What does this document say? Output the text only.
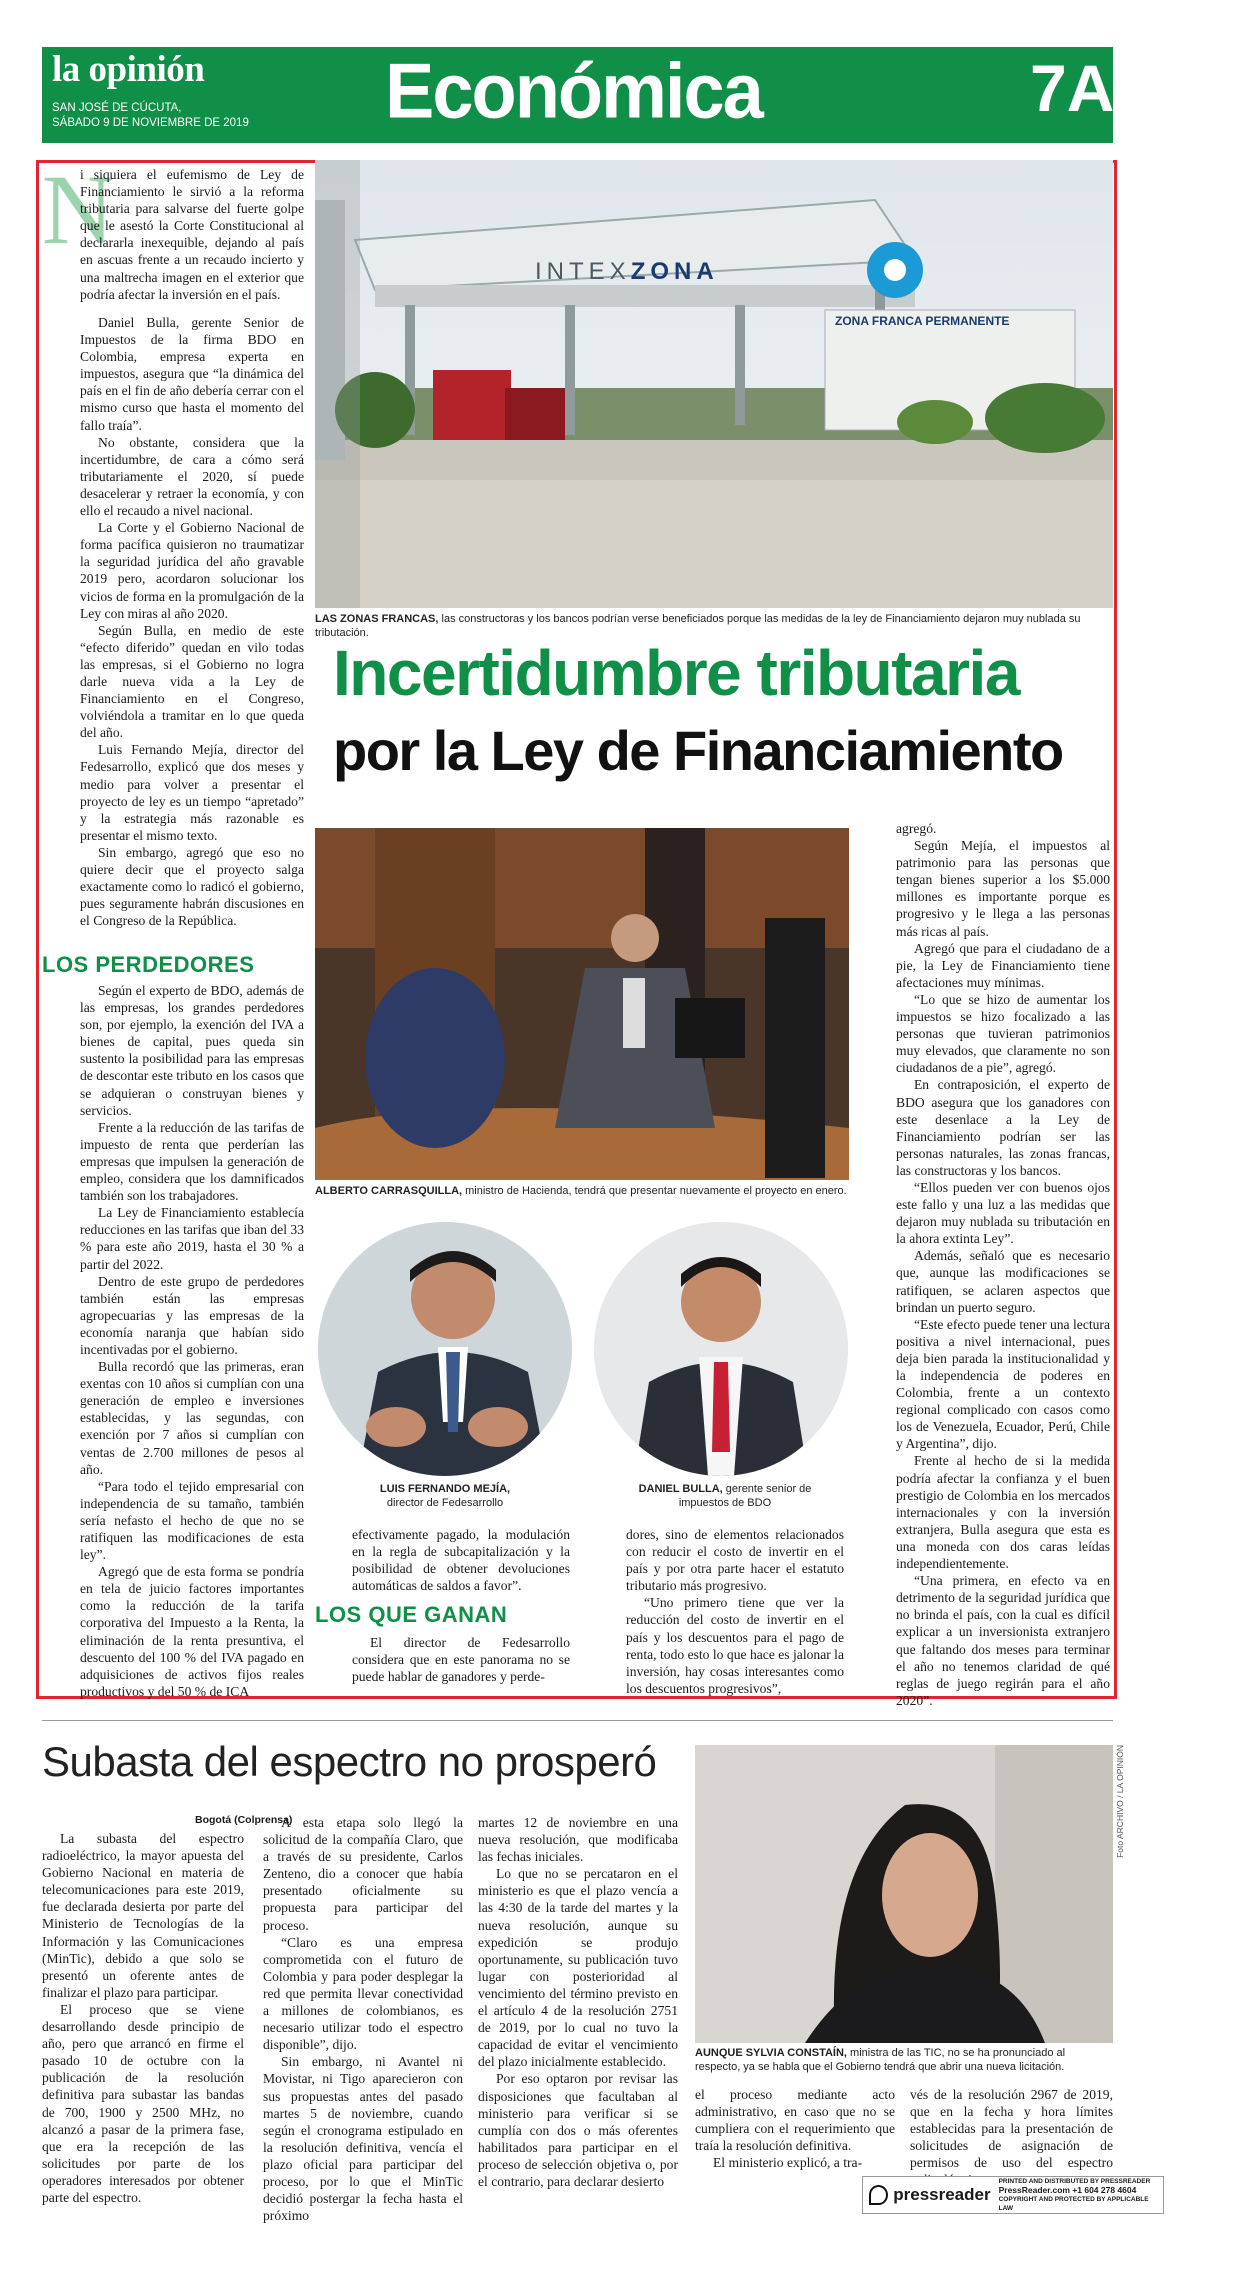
la opinión
SAN JOSÉ DE CÚCUTA,
SÁBADO 9 DE NOVIEMBRE DE 2019 Económica	7A
N

i siquiera el eufemismo de Ley de Financiamiento le sirvió a la reforma tributaria para salvarse del fuerte golpe que le asestó la Corte Constitucional al declararla inexequible, dejando al país en ascuas frente a un recaudo incierto y una maltrecha imagen en el exterior que podría afectar la inversión en el país.

Daniel Bulla, gerente Senior de Impuestos de la firma BDO en Colombia, empresa experta en impuestos, asegura que “la dinámica del país en el fin de año debería cerrar con el mismo curso que hasta el momento del fallo traía”.

No obstante, considera que la incertidumbre, de cara a cómo será tributariamente el 2020, sí puede desacelerar y retraer la economía, y con ello el recaudo a nivel nacional.

La Corte y el Gobierno Nacional de forma pacífica quisieron no traumatizar la seguridad jurídica del año gravable 2019 pero, acordaron solucionar los vicios de forma en la promulgación de la Ley con miras al año 2020.

Según Bulla, en medio de este “efecto diferido” quedan en vilo todas las empresas, si el Gobierno no logra darle nueva vida a la Ley de Financiamiento en el Congreso, volviéndola a tramitar en lo que queda del año.

Luis Fernando Mejía, director del Fedesarrollo, explicó que dos meses y medio para volver a presentar el proyecto de ley es un tiempo “apretado” y la estrategia más razonable es presentar el mismo texto.

Sin embargo, agregó que eso no quiere decir que el proyecto salga exactamente como lo radicó el gobierno, pues seguramente habrán discusiones en el Congreso de la República.

LOS PERDEDORES

Según el experto de BDO, además de las empresas, los grandes perdedores son, por ejemplo, la exención del IVA a bienes de capital, pues queda sin sustento la posibilidad para las empresas de descontar este tributo en los casos que se adquieran o construyan bienes y servicios.

Frente a la reducción de las tarifas de impuesto de renta que perderían las empresas que impulsen la generación de empleo, considera que los damnificados también son los trabajadores.

La Ley de Financiamiento establecía reducciones en las tarifas que iban del 33 % para este año 2019, hasta el 30 % a partir del 2022.

Dentro de este grupo de perdedores también están las empresas agropecuarias y las empresas de la economía naranja que habían sido incentivadas por el gobierno.

Bulla recordó que las primeras, eran exentas con 10 años si cumplían con una generación de empleo e inversiones establecidas, y las segundas, con exención por 7 años si cumplían con ventas de 2.700 millones de pesos al año.

“Para todo el tejido empresarial con independencia de su tamaño, también sería nefasto el hecho de que no se ratifiquen las modificaciones de esta ley”.

Agregó que de esta forma se pondría en tela de juicio factores importantes como la reducción de la tarifa corporativa del Impuesto a la Renta, la eliminación de la renta presuntiva, el descuento del 100 % del IVA pagado en adquisiciones de activos fijos reales productivos y del 50 % de ICA

INTEXZONA
ZONA FRANCA PERMANENTE
LAS ZONAS FRANCAS, las constructoras y los bancos podrían verse beneficiados porque las medidas de la ley de Financiamiento dejaron muy nublada su tributación.
Incertidumbre tributaria
por la Ley de Financiamiento
ALBERTO CARRASQUILLA, ministro de Hacienda, tendrá que presentar nuevamente el proyecto en enero.
LUIS FERNANDO MEJÍA,
director de Fedesarrollo
DANIEL BULLA, gerente senior de impuestos de BDO

efectivamente pagado, la modulación en la regla de subcapitalización y la posibilidad de obtener devoluciones automáticas de saldos a favor”.

LOS QUE GANAN

El director de Fedesarrollo considera que en este panorama no se puede hablar de ganadores y perde-

dores, sino de elementos relacionados con reducir el costo de invertir en el país y por otra parte hacer el estatuto tributario más progresivo.

“Uno primero tiene que ver la reducción del costo de invertir en el país y los descuentos para el pago de renta, todo esto lo que hace es jalonar la inversión, hay cosas interesantes como los descuentos progresivos”,

agregó.

Según Mejía, el impuestos al patrimonio para las personas que tengan bienes superior a los $5.000 millones es importante porque es progresivo y le llega a las personas más ricas al país.

Agregó que para el ciudadano de a pie, la Ley de Financiamiento tiene afectaciones muy mínimas.

“Lo que se hizo de aumentar los impuestos se hizo focalizado a las personas que tuvieran patrimonios muy elevados, que claramente no son ciudadanos de a pie”, agregó.

En contraposición, el experto de BDO asegura que los ganadores con este desenlace a la Ley de Financiamiento podrían ser las personas naturales, las zonas francas, las constructoras y los bancos.

“Ellos pueden ver con buenos ojos este fallo y una luz a las medidas que dejaron muy nublada su tributación en la ahora extinta Ley”.

Además, señaló que es necesario que, aunque las modificaciones se ratifiquen, se aclaren aspectos que brindan un puerto seguro.

“Este efecto puede tener una lectura positiva a nivel internacional, pues deja bien parada la institucionalidad y la independencia de poderes en Colombia, frente a un contexto regional complicado con casos como los de Venezuela, Ecuador, Perú, Chile y Argentina”, dijo.

Frente al hecho de si la medida podría afectar la confianza y el buen prestigio de Colombia en los mercados internacionales y con la inversión extranjera, Bulla asegura que esta es una moneda con dos caras leídas independientemente.

“Una primera, en efecto va en detrimento de la seguridad jurídica que no brinda el país, con la cual es difícil explicar a un inversionista extranjero que faltando dos meses para terminar el año no tenemos claridad de qué reglas de juego regirán para el año 2020”.

Subasta del espectro no prosperó
Bogotá (Colprensa)

La subasta del espectro radioeléctrico, la mayor apuesta del Gobierno Nacional en materia de telecomunicaciones para este 2019, fue declarada desierta por parte del Ministerio de Tecnologías de la Información y las Comunicaciones (MinTic), debido a que solo se presentó un oferente antes de finalizar el plazo para participar.

El proceso que se viene desarrollando desde principio de año, pero que arrancó en firme el pasado 10 de octubre con la publicación de la resolución definitiva para subastar las bandas de 700, 1900 y 2500 MHz, no alcanzó a pasar de la primera fase, que era la recepción de las solicitudes por parte de los operadores interesados por obtener parte del espectro.

A esta etapa solo llegó la solicitud de la compañía Claro, que a través de su presidente, Carlos Zenteno, dio a conocer que había presentado oficialmente su propuesta para participar del proceso.

“Claro es una empresa comprometida con el futuro de Colombia y para poder desplegar la red que permita llevar conectividad a millones de colombianos, es necesario utilizar todo el espectro disponible”, dijo.

Sin embargo, ni Avantel ni Movistar, ni Tigo aparecieron con sus propuestas antes del pasado martes 5 de noviembre, cuando según el cronograma estipulado en la resolución definitiva, vencía el plazo oficial para participar del proceso, por lo que el MinTic decidió postergar la fecha hasta el próximo

martes 12 de noviembre en una nueva resolución, que modificaba las fechas iniciales.

Lo que no se percataron en el ministerio es que el plazo vencía a las 4:30 de la tarde del martes y la nueva resolución, aunque su expedición se produjo oportunamente, su publicación tuvo lugar con posterioridad al vencimiento del término previsto en el artículo 4 de la resolución 2751 de 2019, por lo cual no tuvo la capacidad de evitar el vencimiento del plazo inicialmente establecido.

Por eso optaron por revisar las disposiciones que facultaban al ministerio para verificar si se cumplía con dos o más oferentes habilitados para participar en el proceso de selección objetiva o, por el contrario, para declarar desierto

Foto ARCHIVO / LA OPINIÓN
AUNQUE SYLVIA CONSTAÍN, ministra de las TIC, no se ha pronunciado al respecto, ya se habla que el Gobierno tendrá que abrir una nueva licitación.

el proceso mediante acto administrativo, en caso que no se cumpliera con el requerimiento que traía la resolución definitiva.

El ministerio explicó, a tra-

vés de la resolución 2967 de 2019, que en la fecha y hora límites establecidas para la presentación de solicitudes de asignación de permisos de uso del espectro

pressreader
PRINTED AND DISTRIBUTED BY PRESSREADER
PressReader.com +1 604 278 4604
COPYRIGHT AND PROTECTED BY APPLICABLE LAW
